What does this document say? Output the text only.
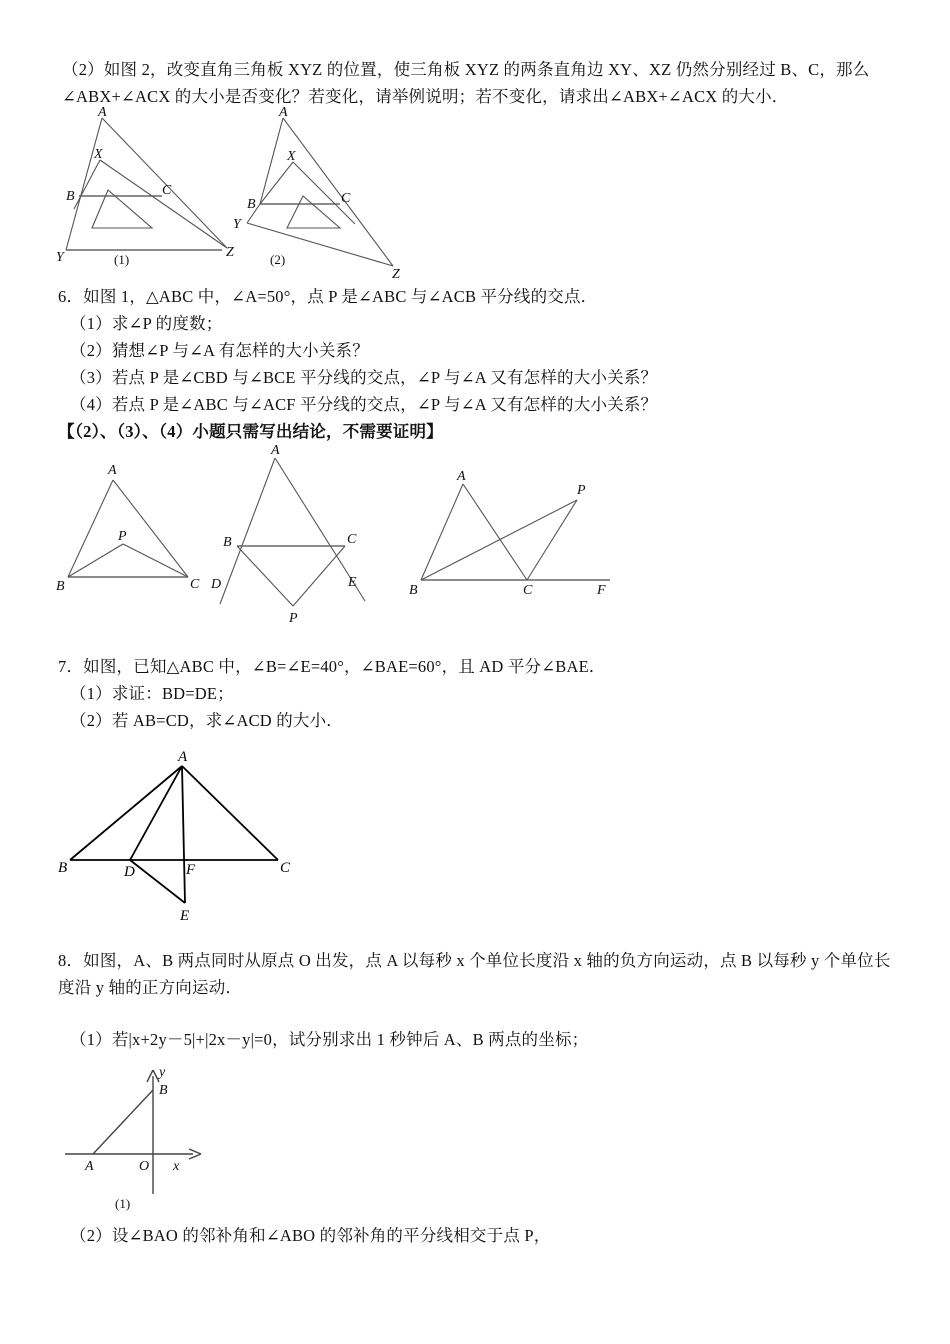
（2）如图 2，改变直角三角板 XYZ 的位置，使三角板 XYZ 的两条直角边 XY、XZ 仍然分别经过 B、C，那么
∠ABX+∠ACX 的大小是否变化？若变化，请举例说明；若不变化，请求出∠ABX+∠ACX 的大小．
A
X
B	C
Y	Z
(1)
A
X
B	C
Y
Z
(2)
6．如图 1，△ABC 中，∠A=50°，点 P 是∠ABC 与∠ACB 平分线的交点．
（1）求∠P 的度数；
（2）猜想∠P 与∠A 有怎样的大小关系？
（3）若点 P 是∠CBD 与∠BCE 平分线的交点，∠P 与∠A 又有怎样的大小关系？
（4）若点 P 是∠ABC 与∠ACF 平分线的交点，∠P 与∠A 又有怎样的大小关系？
【（2）、（3）、（4）小题只需写出结论，不需要证明】
A
P
B	C
A
B	C
D	E
P
A
P
B	C	F
7．如图，已知△ABC 中，∠B=∠E=40°，∠BAE=60°，且 AD 平分∠BAE．
（1）求证：BD=DE；
（2）若 AB=CD，求∠ACD 的大小．
A
B	D	F	C
E
8．如图，A、B 两点同时从原点 O 出发，点 A 以每秒 x 个单位长度沿 x 轴的负方向运动，点 B 以每秒 y 个单位长
度沿 y 轴的正方向运动．
（1）若|x+2y－5|+|2x－y|=0，试分别求出 1 秒钟后 A、B 两点的坐标；
y
B
A	O x
(1)
（2）设∠BAO 的邻补角和∠ABO 的邻补角的平分线相交于点 P，
